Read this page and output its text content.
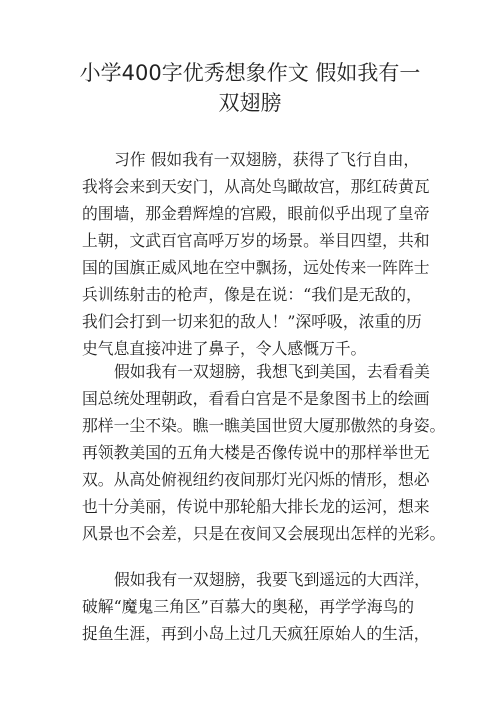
小学400字优秀想象作文 假如我有一
双翅膀
习作 假如我有一双翅膀，获得了飞行自由，
我将会来到天安门，从高处鸟瞰故宫，那红砖黄瓦
的围墙，那金碧辉煌的宫殿，眼前似乎出现了皇帝
上朝，文武百官高呼万岁的场景。举目四望，共和
国的国旗正威风地在空中飘扬，远处传来一阵阵士
兵训练射击的枪声，像是在说：“我们是无敌的，
我们会打到一切来犯的敌人！”深呼吸，浓重的历
史气息直接冲进了鼻子，令人感慨万千。
假如我有一双翅膀，我想飞到美国，去看看美
国总统处理朝政，看看白宫是不是象图书上的绘画
那样一尘不染。瞧一瞧美国世贸大厦那傲然的身姿。
再领教美国的五角大楼是否像传说中的那样举世无
双。从高处俯视纽约夜间那灯光闪烁的情形，想必
也十分美丽，传说中那轮船大排长龙的运河，想来
风景也不会差，只是在夜间又会展现出怎样的光彩。
假如我有一双翅膀，我要飞到遥远的大西洋，
破解“魔鬼三角区”百慕大的奥秘，再学学海鸟的
捉鱼生涯，再到小岛上过几天疯狂原始人的生活，
